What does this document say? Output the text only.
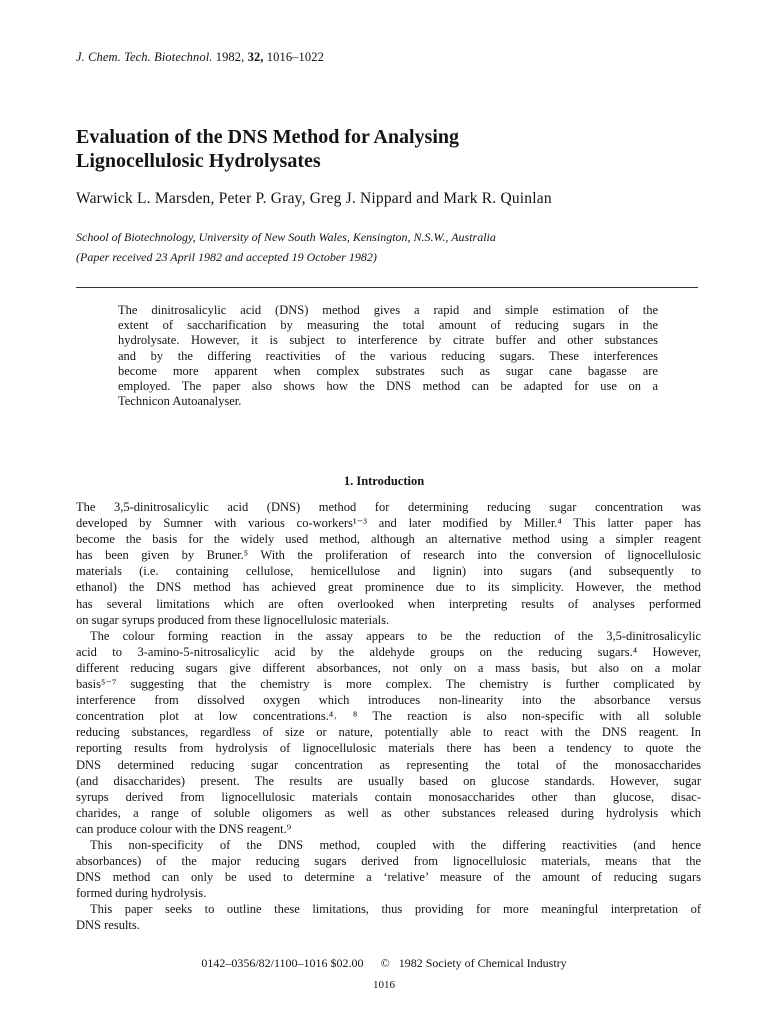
J. Chem. Tech. Biotechnol. 1982, 32, 1016–1022
Evaluation of the DNS Method for Analysing
Lignocellulosic Hydrolysates
Warwick L. Marsden, Peter P. Gray, Greg J. Nippard and Mark R. Quinlan
School of Biotechnology, University of New South Wales, Kensington, N.S.W., Australia
(Paper received 23 April 1982 and accepted 19 October 1982)
The dinitrosalicylic acid (DNS) method gives a rapid and simple estimation of the
extent of saccharification by measuring the total amount of reducing sugars in the
hydrolysate. However, it is subject to interference by citrate buffer and other substances
and by the differing reactivities of the various reducing sugars. These interferences
become more apparent when complex substrates such as sugar cane bagasse are
employed. The paper also shows how the DNS method can be adapted for use on a
Technicon Autoanalyser.
1. Introduction
The 3,5-dinitrosalicylic acid (DNS) method for determining reducing sugar concentration was
developed by Sumner with various co-workers¹⁻³ and later modified by Miller.⁴ This latter paper has
become the basis for the widely used method, although an alternative method using a simpler reagent
has been given by Bruner.⁵ With the proliferation of research into the conversion of lignocellulosic
materials (i.e. containing cellulose, hemicellulose and lignin) into sugars (and subsequently to
ethanol) the DNS method has achieved great prominence due to its simplicity. However, the method
has several limitations which are often overlooked when interpreting results of analyses performed
on sugar syrups produced from these lignocellulosic materials.
The colour forming reaction in the assay appears to be the reduction of the 3,5-dinitrosalicylic
acid to 3-amino-5-nitrosalicylic acid by the aldehyde groups on the reducing sugars.⁴ However,
different reducing sugars give different absorbances, not only on a mass basis, but also on a molar
basis⁵⁻⁷ suggesting that the chemistry is more complex. The chemistry is further complicated by
interference from dissolved oxygen which introduces non-linearity into the absorbance versus
concentration plot at low concentrations.⁴˒ ⁸ The reaction is also non-specific with all soluble
reducing substances, regardless of size or nature, potentially able to react with the DNS reagent. In
reporting results from hydrolysis of lignocellulosic materials there has been a tendency to quote the
DNS determined reducing sugar concentration as representing the total of the monosaccharides
(and disaccharides) present. The results are usually based on glucose standards. However, sugar
syrups derived from lignocellulosic materials contain monosaccharides other than glucose, disac-
charides, a range of soluble oligomers as well as other substances released during hydrolysis which
can produce colour with the DNS reagent.⁹
This non-specificity of the DNS method, coupled with the differing reactivities (and hence
absorbances) of the major reducing sugars derived from lignocellulosic materials, means that the
DNS method can only be used to determine a ‘relative’ measure of the amount of reducing sugars
formed during hydrolysis.
This paper seeks to outline these limitations, thus providing for more meaningful interpretation of
DNS results.
0142–0356/82/1100–1016 $02.00 © 1982 Society of Chemical Industry
1016
